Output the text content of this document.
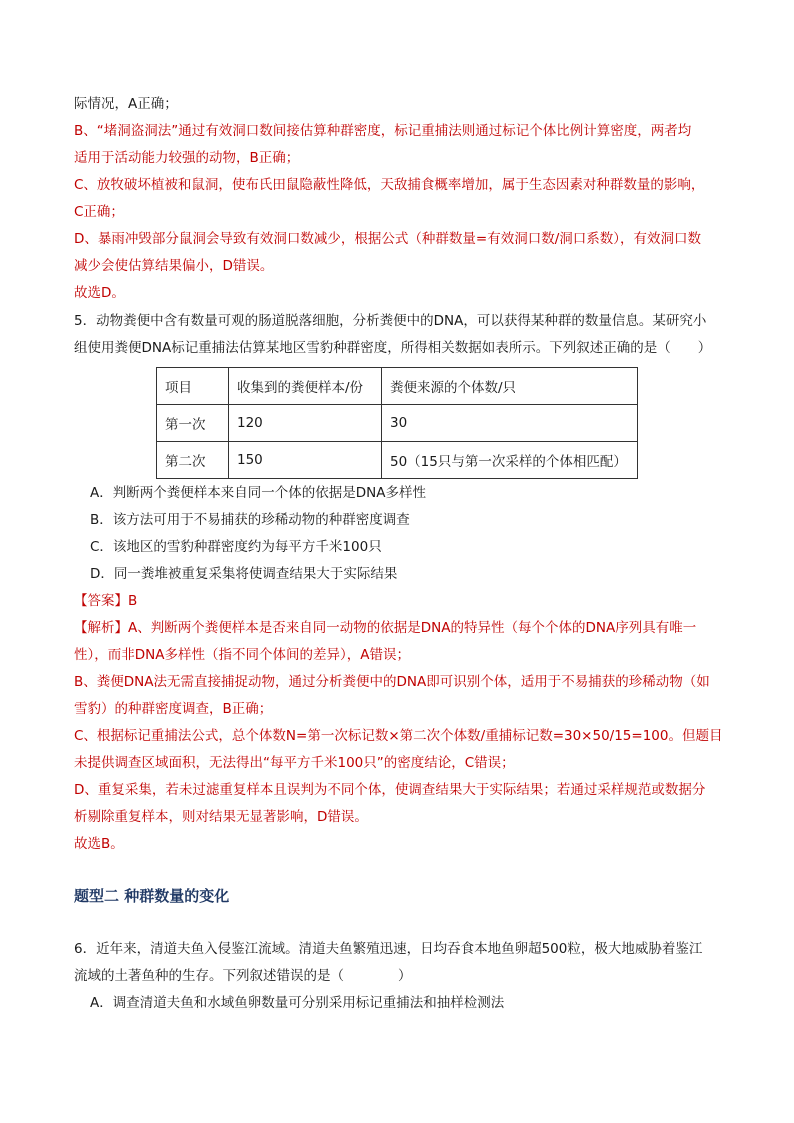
际情况，A正确；

B、“堵洞盗洞法”通过有效洞口数间接估算种群密度，标记重捕法则通过标记个体比例计算密度，两者均

适用于活动能力较强的动物，B正确；

C、放牧破坏植被和鼠洞，使布氏田鼠隐蔽性降低，天敌捕食概率增加，属于生态因素对种群数量的影响，

C正确；

D、暴雨冲毁部分鼠洞会导致有效洞口数减少，根据公式（种群数量=有效洞口数/洞口系数），有效洞口数

减少会使估算结果偏小，D错误。

故选D。

5．动物粪便中含有数量可观的肠道脱落细胞，分析粪便中的DNA，可以获得某种群的数量信息。某研究小

组使用粪便DNA标记重捕法估算某地区雪豹种群密度，所得相关数据如表所示。下列叙述正确的是（　　）

项目	收集到的粪便样本/份	粪便来源的个体数/只
第一次	120	30
第二次	150	50（15只与第一次采样的个体相匹配）

A．判断两个粪便样本来自同一个体的依据是DNA多样性

B．该方法可用于不易捕获的珍稀动物的种群密度调查

C．该地区的雪豹种群密度约为每平方千米100只

D．同一粪堆被重复采集将使调查结果大于实际结果

【答案】B

【解析】A、判断两个粪便样本是否来自同一动物的依据是DNA的特异性（每个个体的DNA序列具有唯一

性），而非DNA多样性（指不同个体间的差异），A错误；

B、粪便DNA法无需直接捕捉动物，通过分析粪便中的DNA即可识别个体，适用于不易捕获的珍稀动物（如

雪豹）的种群密度调查，B正确；

C、根据标记重捕法公式，总个体数N=第一次标记数×第二次个体数/重捕标记数=30×50/15=100。但题目

未提供调查区域面积，无法得出“每平方千米100只”的密度结论，C错误；

D、重复采集，若未过滤重复样本且误判为不同个体，使调查结果大于实际结果；若通过采样规范或数据分

析剔除重复样本，则对结果无显著影响，D错误。

故选B。

题型二 种群数量的变化

6．近年来，清道夫鱼入侵鉴江流域。清道夫鱼繁殖迅速，日均吞食本地鱼卵超500粒，极大地威胁着鉴江

流域的土著鱼种的生存。下列叙述错误的是（　　　　）

A．调查清道夫鱼和水域鱼卵数量可分别采用标记重捕法和抽样检测法
